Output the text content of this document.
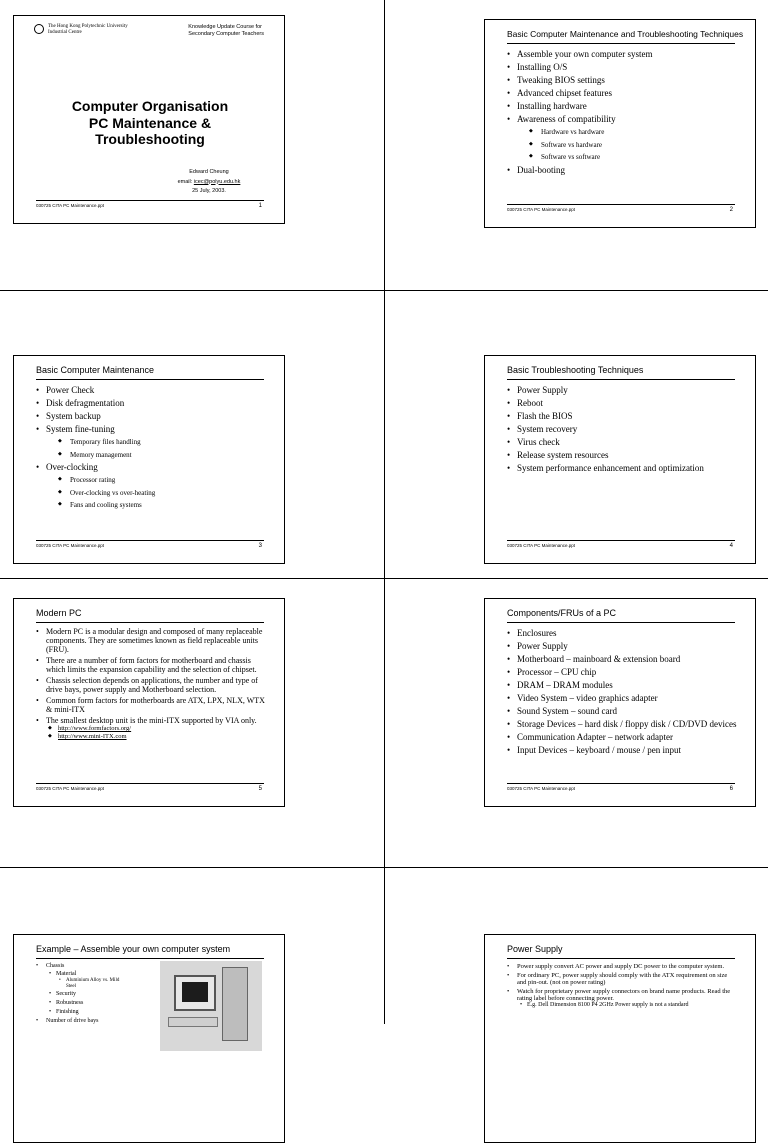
The Hong Kong Polytechnic University
Industrial Centre
Knowledge Update Course for
Secondary Computer Teachers
Computer Organisation
PC Maintenance &
Troubleshooting
Edward Cheung
email: icec@polyu.edu.hk
25 July, 2003.
030725 CITA PC Maintenance.ppt	1
Basic Computer Maintenance and Troubleshooting Techniques
• Assemble your own computer system
• Installing O/S
• Tweaking BIOS settings
• Advanced chipset features
• Installing hardware
• Awareness of compatibility
◆ Hardware vs hardware
◆ Software vs hardware
◆ Software vs software
• Dual-booting
030725 CITA PC Maintenance.ppt	2
Basic Computer Maintenance
• Power Check
• Disk defragmentation
• System backup
• System fine-tuning
◆ Temporary files handling
◆ Memory management
• Over-clocking
◆ Processor rating
◆ Over-clocking vs over-heating
◆ Fans and cooling systems
030725 CITA PC Maintenance.ppt	3
Basic Troubleshooting Techniques
• Power Supply
• Reboot
• Flash the BIOS
• System recovery
• Virus check
• Release system resources
• System performance enhancement and optimization
030725 CITA PC Maintenance.ppt	4
Modern PC
• Modern PC is a modular design and composed of many replaceable components. They are sometimes known as field replaceable units (FRU).
• There are a number of form factors for motherboard and chassis which limits the expansion capability and the selection of chipset.
• Chassis selection depends on applications, the number and type of drive bays, power supply and Motherboard selection.
• Common form factors for motherboards are ATX, LPX, NLX, WTX & mini-ITX
• The smallest desktop unit is the mini-ITX supported by VIA only.
◆ http://www.formfactors.org/
◆ http://www.mini-ITX.com
030725 CITA PC Maintenance.ppt	5
Components/FRUs of a PC
• Enclosures
• Power Supply
• Motherboard – mainboard & extension board
• Processor – CPU chip
• DRAM – DRAM modules
• Video System – video graphics adapter
• Sound System – sound card
• Storage Devices – hard disk / floppy disk / CD/DVD devices
• Communication Adapter – network adapter
• Input Devices – keyboard / mouse / pen input
030725 CITA PC Maintenance.ppt	6
Example – Assemble your own computer system
• Chassis
• Material
• Aluminium Alloy vs. Mild Steel
• Security
• Robustness
• Finishing
• Number of drive bays
Power Supply
• Power supply convert AC power and supply DC power to the computer system.
• For ordinary PC, power supply should comply with the ATX requirement on size and pin-out. (not on power rating)
• Watch for proprietary power supply connectors on brand name products. Read the rating label before connecting power.
• E.g. Dell Dimension 8100 P4 2GHz Power supply is not a standard
